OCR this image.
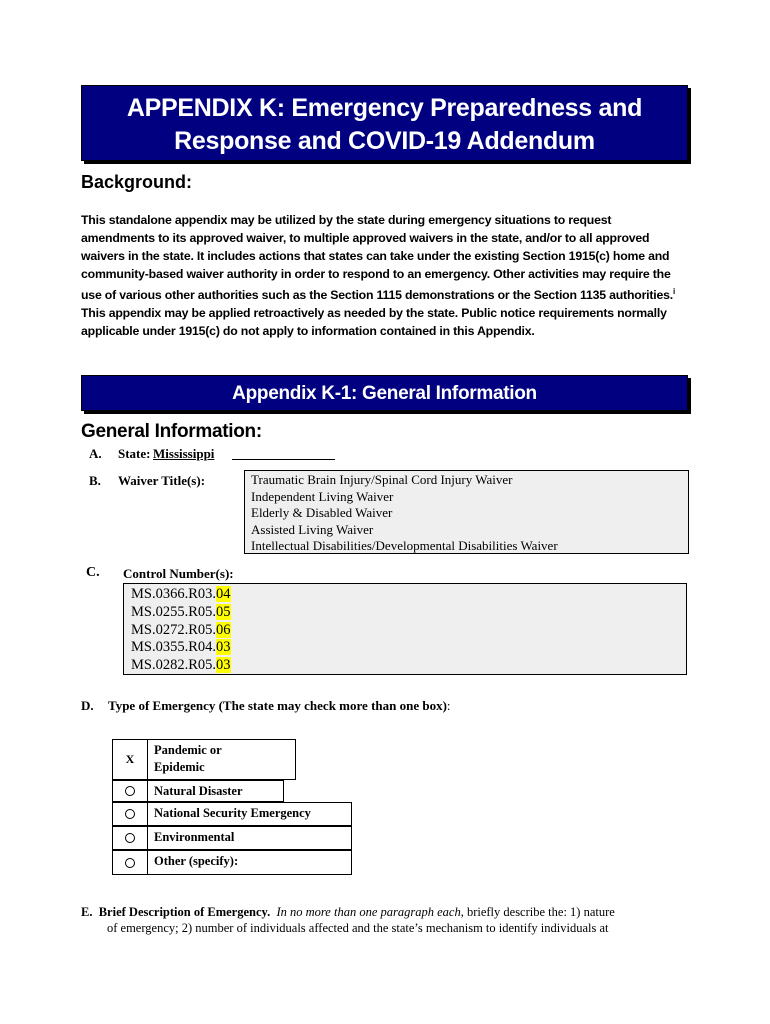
APPENDIX K: Emergency Preparedness and
Response and COVID-19 Addendum
Background:
This standalone appendix may be utilized by the state during emergency situations to request amendments to its approved waiver, to multiple approved waivers in the state, and/or to all approved waivers in the state. It includes actions that states can take under the existing Section 1915(c) home and community-based waiver authority in order to respond to an emergency. Other activities may require the use of various other authorities such as the Section 1115 demonstrations or the Section 1135 authorities.$^i$ This appendix may be applied retroactively as needed by the state. Public notice requirements normally applicable under 1915(c) do not apply to information contained in this Appendix.
Appendix K-1: General Information
General Information:
A. State: Mississippi
B. Waiver Title(s):	Traumatic Brain Injury/Spinal Cord Injury Waiver
Independent Living Waiver
Elderly & Disabled Waiver
Assisted Living Waiver
Intellectual Disabilities/Developmental Disabilities Waiver
C. Control Number(s):
MS.0366.R03.04
MS.0255.R05.05
MS.0272.R05.06
MS.0355.R04.03
MS.0282.R05.03
D. Type of Emergency (The state may check more than one box):
X
Pandemic or
Epidemic
Natural Disaster
National Security Emergency
Environmental
Other (specify):
E. Brief Description of Emergency. In no more than one paragraph each, briefly describe the: 1) nature
of emergency; 2) number of individuals affected and the state’s mechanism to identify individuals at
